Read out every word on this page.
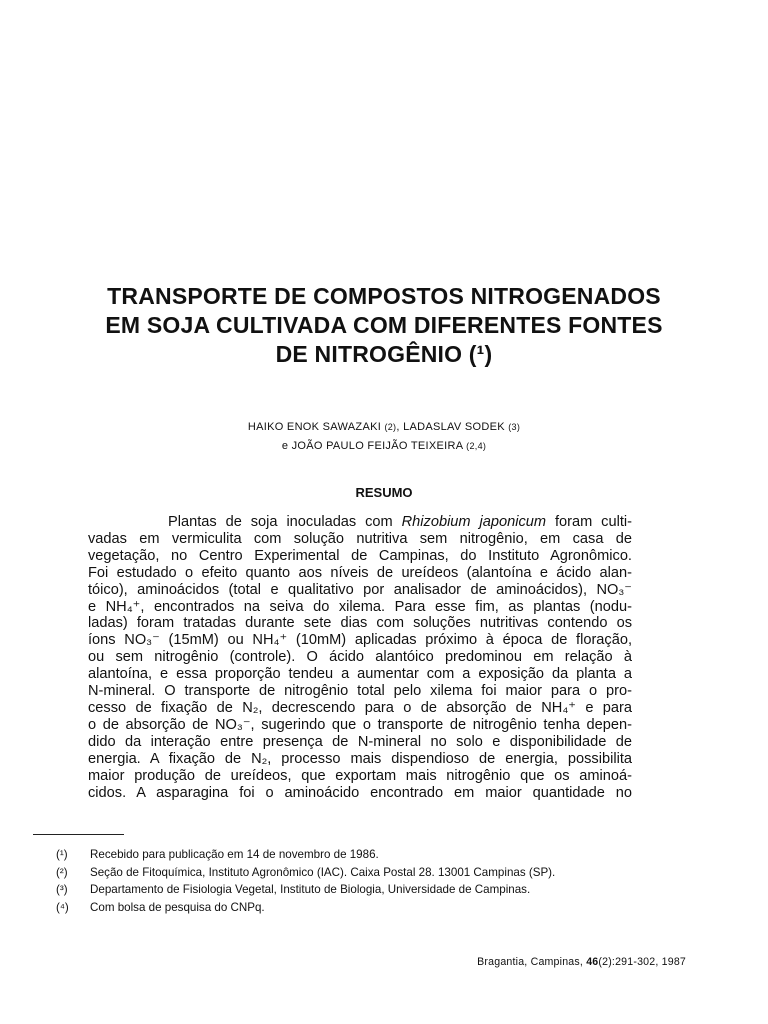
TRANSPORTE DE COMPOSTOS NITROGENADOS
EM SOJA CULTIVADA COM DIFERENTES FONTES
DE NITROGÊNIO (¹)
HAIKO ENOK SAWAZAKI (2), LADASLAV SODEK (3)
e JOÃO PAULO FEIJÃO TEIXEIRA (2,4)
RESUMO

Plantas de soja inoculadas com Rhizobium japonicum foram culti-
vadas em vermiculita com solução nutritiva sem nitrogênio, em casa de
vegetação, no Centro Experimental de Campinas, do Instituto Agronômico.
Foi estudado o efeito quanto aos níveis de ureídeos (alantoína e ácido alan-
tóico), aminoácidos (total e qualitativo por analisador de aminoácidos), NO₃⁻
e NH₄⁺, encontrados na seiva do xilema. Para esse fim, as plantas (nodu-
ladas) foram tratadas durante sete dias com soluções nutritivas contendo os
íons NO₃⁻ (15mM) ou NH₄⁺ (10mM) aplicadas próximo à época de floração,
ou sem nitrogênio (controle). O ácido alantóico predominou em relação à
alantoína, e essa proporção tendeu a aumentar com a exposição da planta a
N-mineral. O transporte de nitrogênio total pelo xilema foi maior para o pro-
cesso de fixação de N₂, decrescendo para o de absorção de NH₄⁺ e para
o de absorção de NO₃⁻, sugerindo que o transporte de nitrogênio tenha depen-
dido da interação entre presença de N-mineral no solo e disponibilidade de
energia. A fixação de N₂, processo mais dispendioso de energia, possibilita
maior produção de ureídeos, que exportam mais nitrogênio que os aminoá-
cidos. A asparagina foi o aminoácido encontrado em maior quantidade no

(¹)	Recebido para publicação em 14 de novembro de 1986.
(²)	Seção de Fitoquímica, Instituto Agronômico (IAC). Caixa Postal 28. 13001 Campinas (SP).
(³)	Departamento de Fisiologia Vegetal, Instituto de Biologia, Universidade de Campinas.
(⁴)	Com bolsa de pesquisa do CNPq.
Bragantia, Campinas, 46(2):291-302, 1987
